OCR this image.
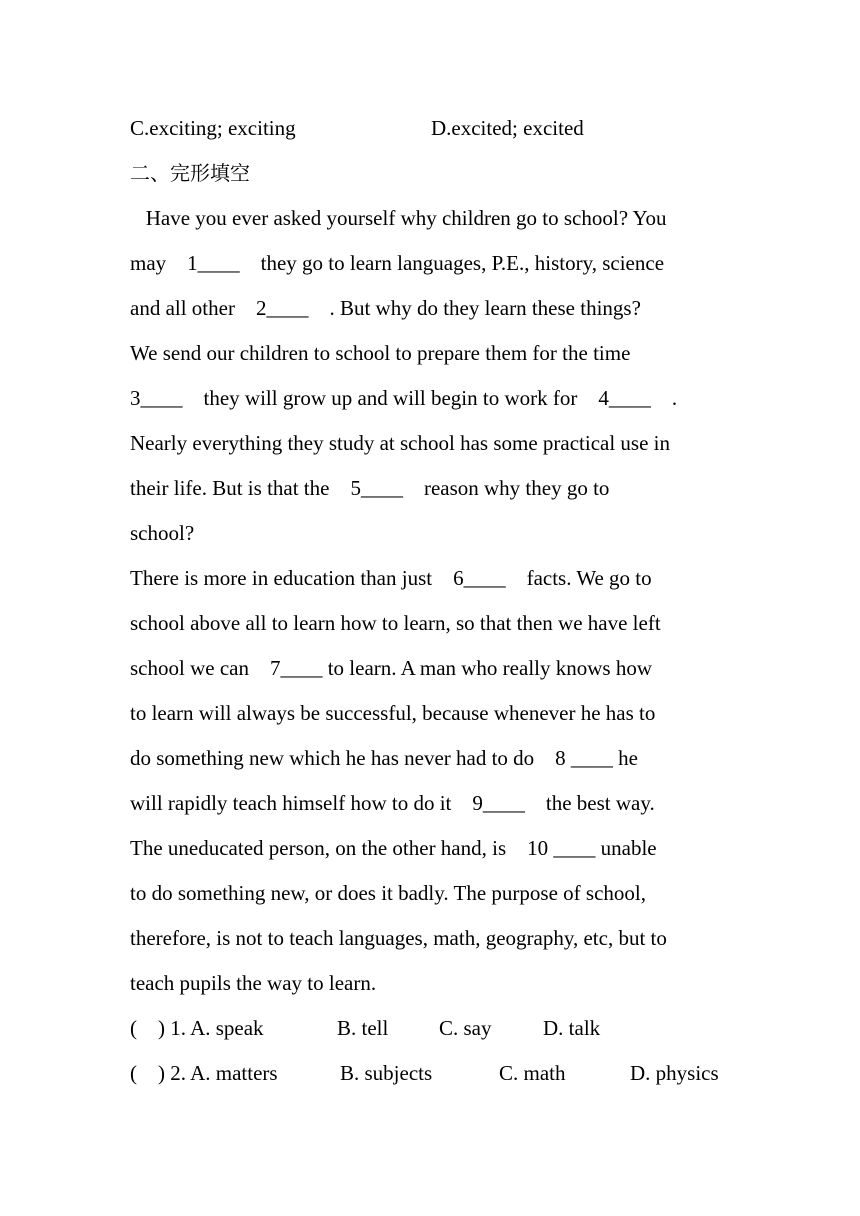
C.exciting; exciting	D.excited; excited
二、完形填空
Have you ever asked yourself why children go to school? You
may    1____    they go to learn languages, P.E., history, science
and all other    2____    . But why do they learn these things?
We send our children to school to prepare them for the time
3____    they will grow up and will begin to work for    4____    .
Nearly everything they study at school has some practical use in
their life. But is that the    5____    reason why they go to
school?
There is more in education than just    6____    facts. We go to
school above all to learn how to learn, so that then we have left
school we can    7____ to learn. A man who really knows how
to learn will always be successful, because whenever he has to
do something new which he has never had to do    8 ____ he
will rapidly teach himself how to do it    9____    the best way.
The uneducated person, on the other hand, is    10 ____ unable
to do something new, or does it badly. The purpose of school,
therefore, is not to teach languages, math, geography, etc, but to
teach pupils the way to learn.
(    ) 1. A. speak	B. tell C. say D. talk
(    ) 2. A. matters	B. subjects	C. math	D. physics
